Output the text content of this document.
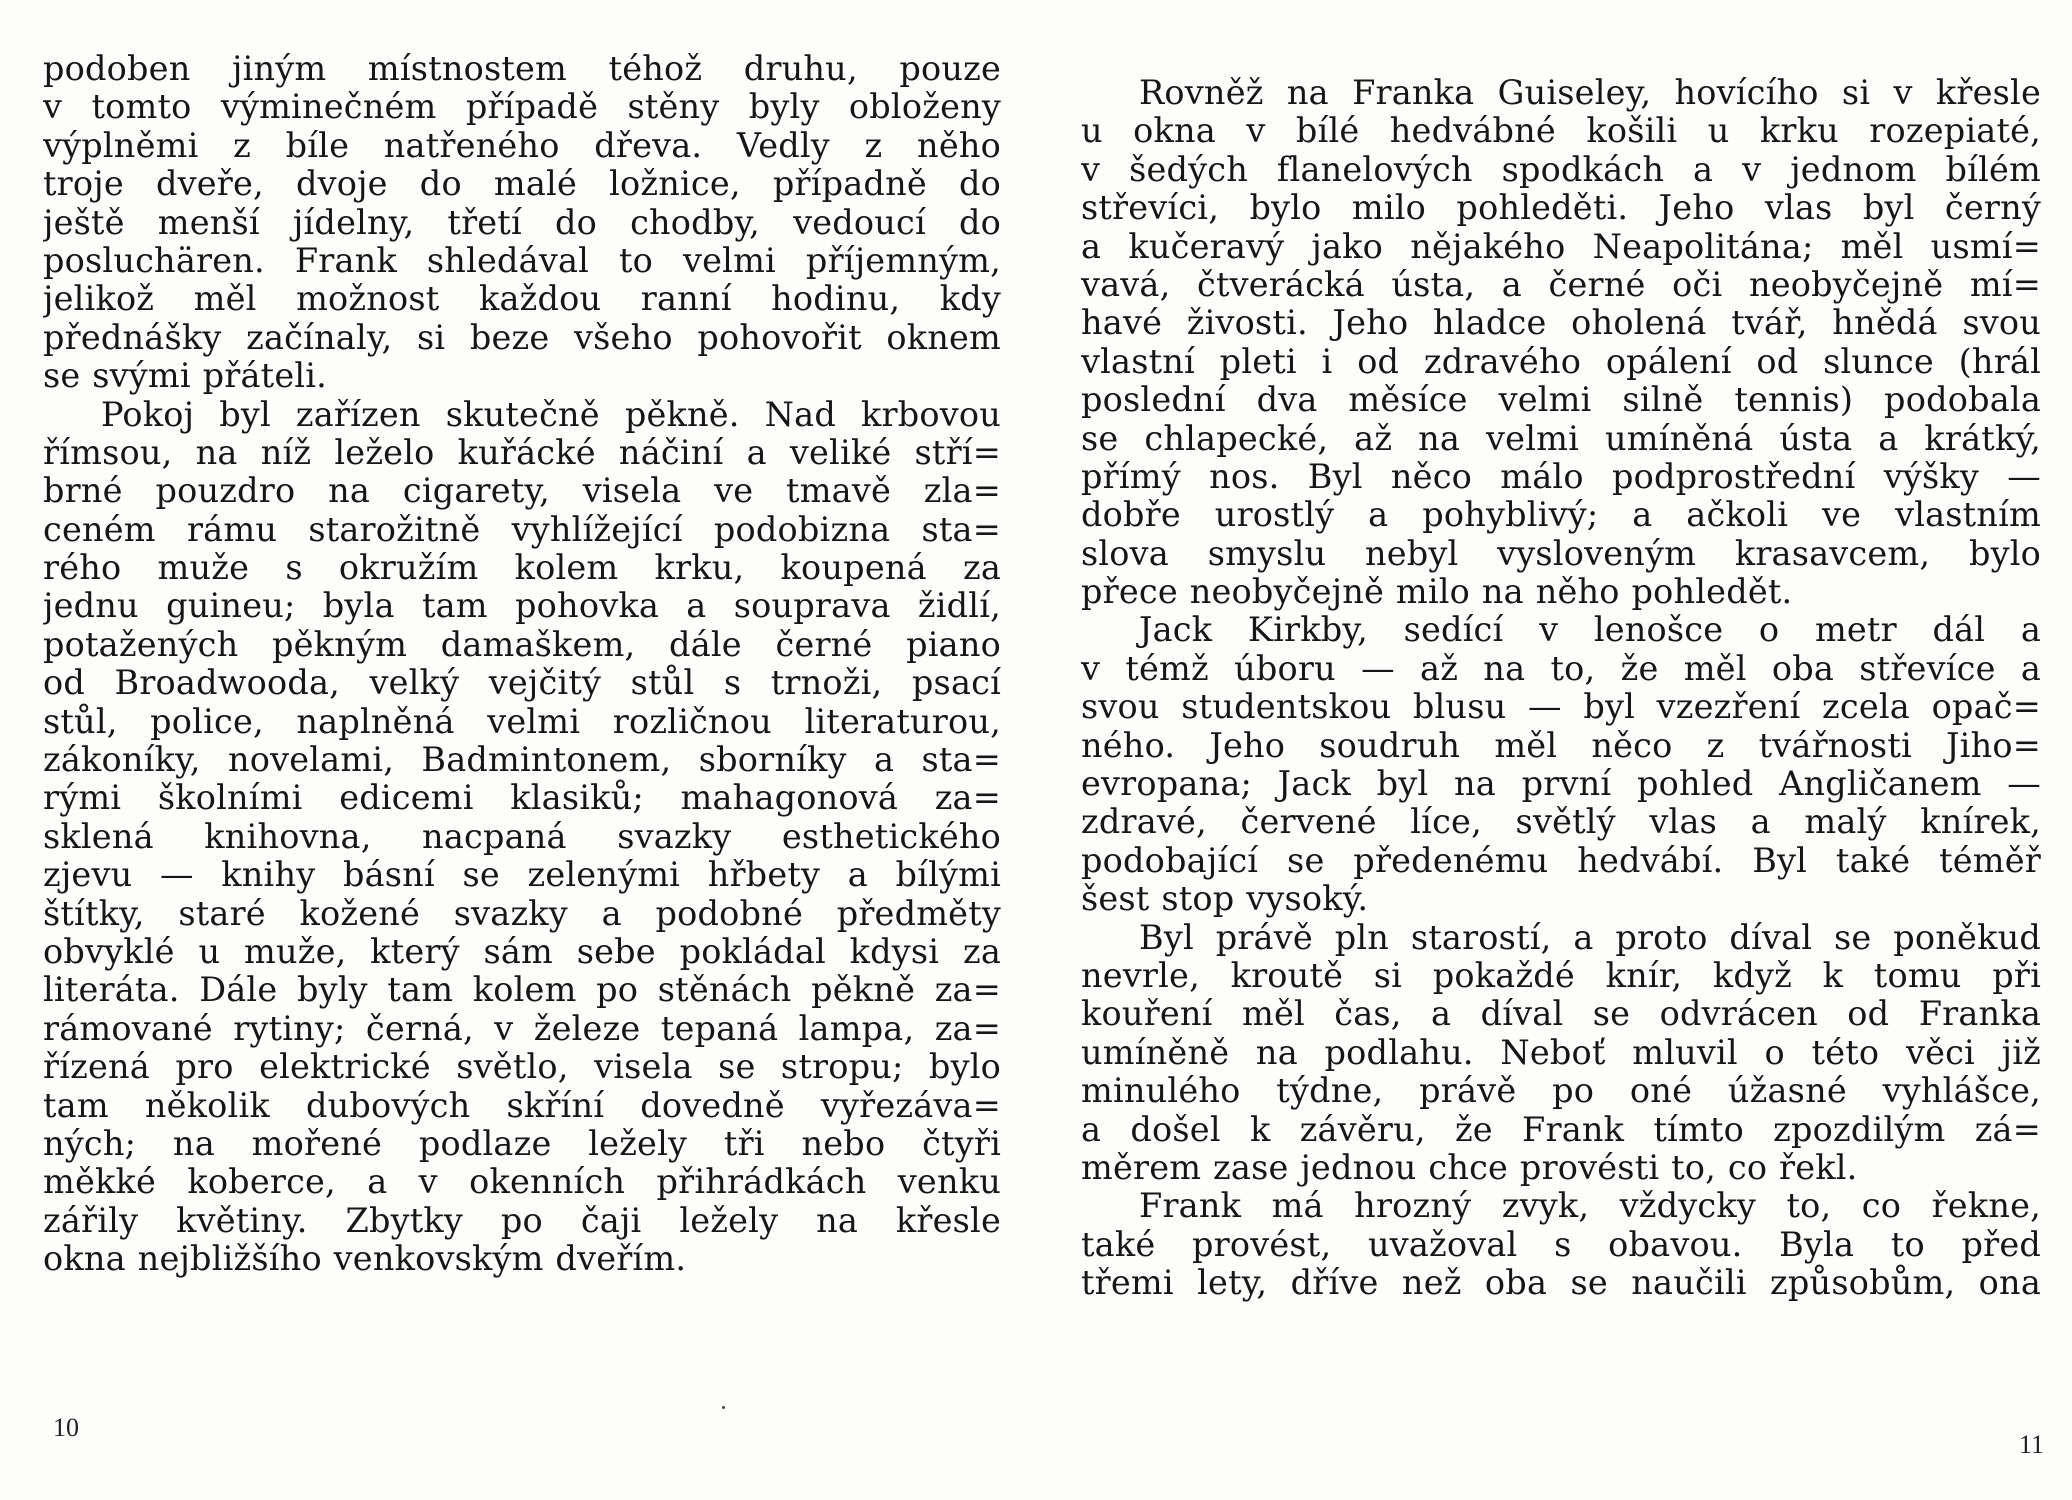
podoben jiným místnostem téhož druhu, pouze
v tomto výminečném případě stěny byly obloženy
výplněmi z bíle natřeného dřeva. Vedly z něho
troje dveře, dvoje do malé ložnice, případně do
ještě menší jídelny, třetí do chodby, vedoucí do
posluchären. Frank shledával to velmi příjemným,
jelikož měl možnost každou ranní hodinu, kdy
přednášky začínaly, si beze všeho pohovořit oknem
se svými přáteli.
Pokoj byl zařízen skutečně pěkně. Nad krbovou
římsou, na níž leželo kuřácké náčiní a veliké stří=
brné pouzdro na cigarety, visela ve tmavě zla=
ceném rámu starožitně vyhlížející podobizna sta=
rého muže s okružím kolem krku, koupená za
jednu guineu; byla tam pohovka a souprava židlí,
potažených pěkným damaškem, dále černé piano
od Broadwooda, velký vejčitý stůl s trnoži, psací
stůl, police, naplněná velmi rozličnou literaturou,
zákoníky, novelami, Badmintonem, sborníky a sta=
rými školními edicemi klasiků; mahagonová za=
sklená knihovna, nacpaná svazky esthetického
zjevu — knihy básní se zelenými hřbety a bílými
štítky, staré kožené svazky a podobné předměty
obvyklé u muže, který sám sebe pokládal kdysi za
literáta. Dále byly tam kolem po stěnách pěkně za=
rámované rytiny; černá, v železe tepaná lampa, za=
řízená pro elektrické světlo, visela se stropu; bylo
tam několik dubových skříní dovedně vyřezáva=
ných; na mořené podlaze ležely tři nebo čtyři
měkké koberce, a v okenních přihrádkách venku
zářily květiny. Zbytky po čaji ležely na křesle
okna nejbližšího venkovským dveřím.
10
Rovněž na Franka Guiseley, hovícího si v křesle
u okna v bílé hedvábné košili u krku rozepiaté,
v šedých flanelových spodkách a v jednom bílém
střevíci, bylo milo pohleděti. Jeho vlas byl černý
a kučeravý jako nějakého Neapolitána; měl usmí=
vavá, čtverácká ústa, a černé oči neobyčejně mí=
havé živosti. Jeho hladce oholená tvář, hnědá svou
vlastní pleti i od zdravého opálení od slunce (hrál
poslední dva měsíce velmi silně tennis) podobala
se chlapecké, až na velmi umíněná ústa a krátký,
přímý nos. Byl něco málo podprostřední výšky —
dobře urostlý a pohyblivý; a ačkoli ve vlastním
slova smyslu nebyl vysloveným krasavcem, bylo
přece neobyčejně milo na něho pohledět.
Jack Kirkby, sedící v lenošce o metr dál a
v témž úboru — až na to, že měl oba střevíce a
svou studentskou blusu — byl vzezření zcela opač=
ného. Jeho soudruh měl něco z tvářnosti Jiho=
evropana; Jack byl na první pohled Angličanem —
zdravé, červené líce, světlý vlas a malý knírek,
podobající se předenému hedvábí. Byl také téměř
šest stop vysoký.
Byl právě pln starostí, a proto díval se poněkud
nevrle, kroutě si pokaždé knír, když k tomu při
kouření měl čas, a díval se odvrácen od Franka
umíněně na podlahu. Neboť mluvil o této věci již
minulého týdne, právě po oné úžasné vyhlášce,
a došel k závěru, že Frank tímto zpozdilým zá=
měrem zase jednou chce provésti to, co řekl.
Frank má hrozný zvyk, vždycky to, co řekne,
také provést, uvažoval s obavou. Byla to před
třemi lety, dříve než oba se naučili způsobům, ona
11
